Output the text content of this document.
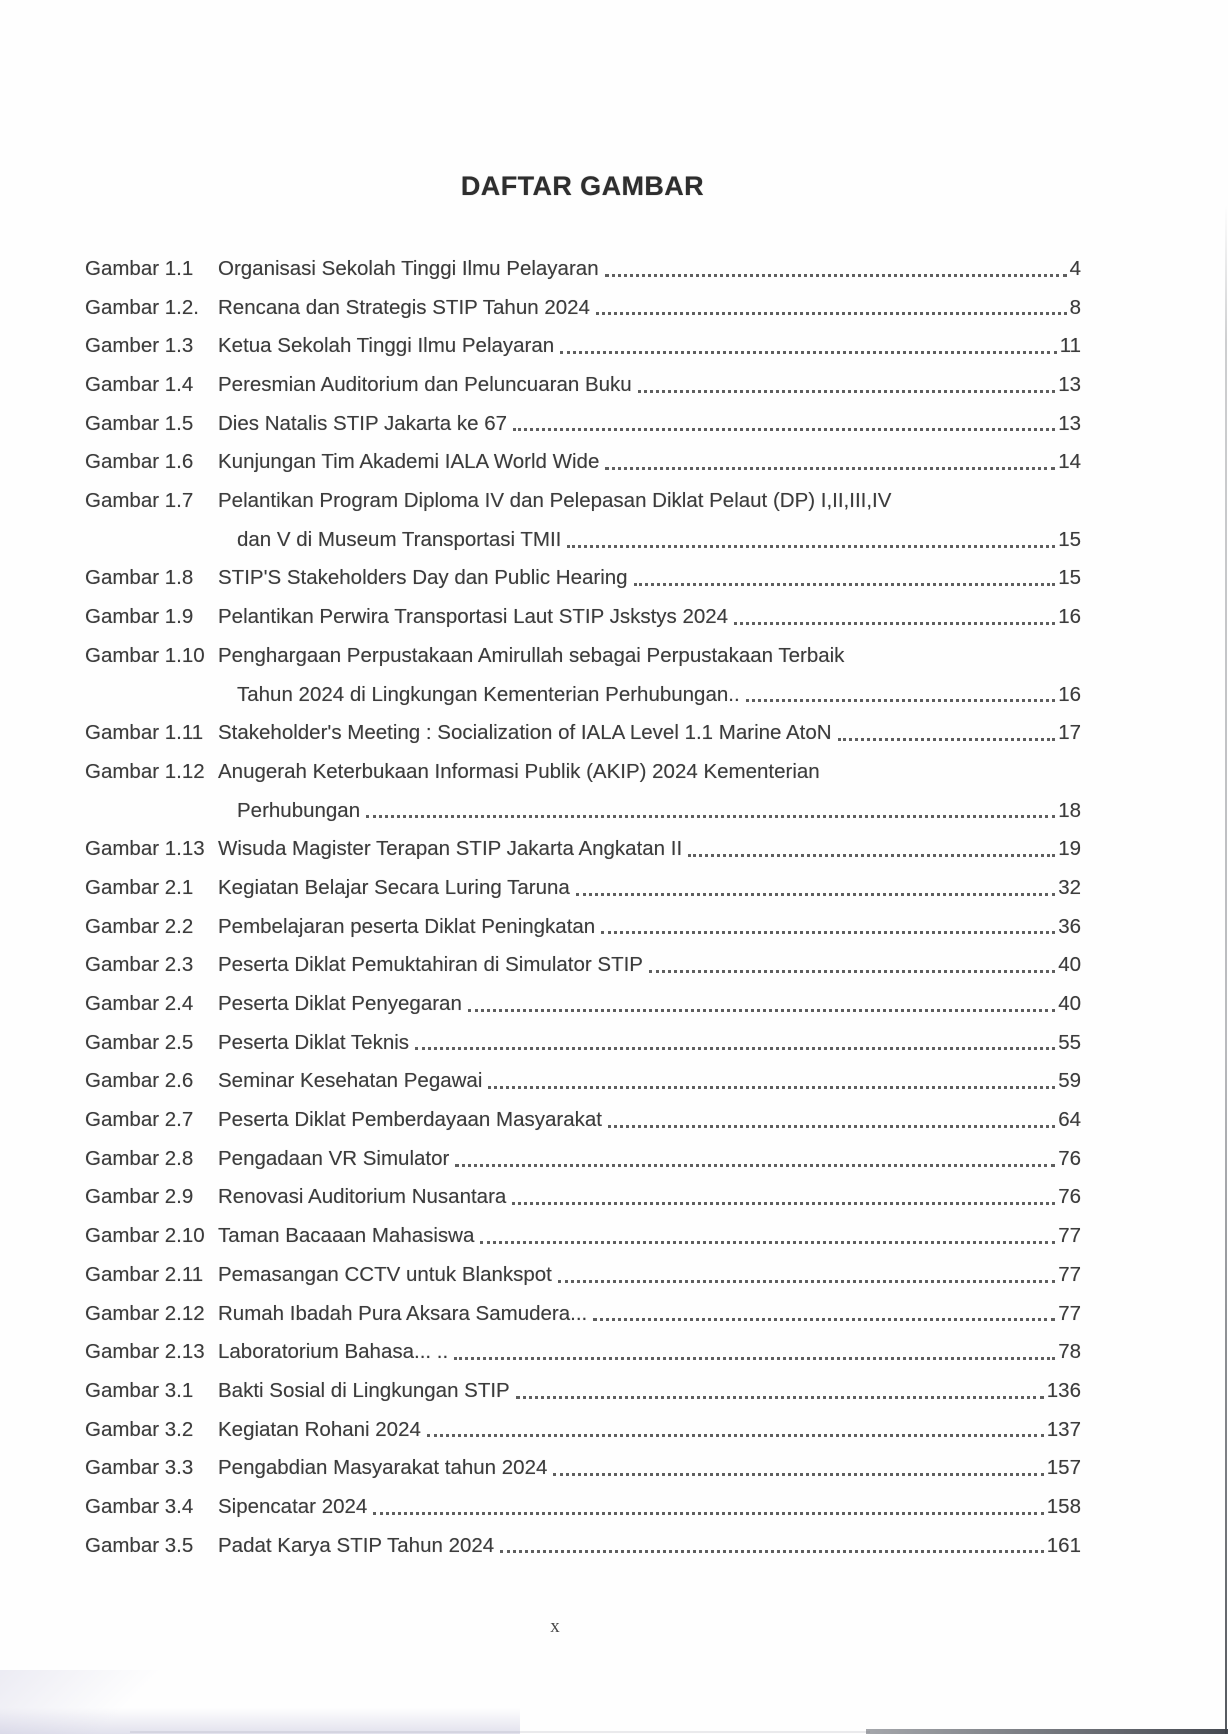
DAFTAR GAMBAR
Gambar 1.1	Organisasi Sekolah Tinggi Ilmu Pelayaran	4
Gambar 1.2. Rencana dan Strategis STIP Tahun 2024	8
Gamber 1.3	Ketua Sekolah Tinggi Ilmu Pelayaran	11
Gambar 1.4	Peresmian Auditorium dan Peluncuaran Buku	13
Gambar 1.5	Dies Natalis STIP Jakarta ke 67	13
Gambar 1.6	Kunjungan Tim Akademi IALA World Wide	14
Gambar 1.7	Pelantikan Program Diploma IV dan Pelepasan Diklat Pelaut (DP) I,II,III,IV
dan V di Museum Transportasi TMII	15
Gambar 1.8	STIP'S Stakeholders Day dan Public Hearing	15
Gambar 1.9	Pelantikan Perwira Transportasi Laut STIP Jskstys 2024	16
Gambar 1.10 Penghargaan Perpustakaan Amirullah sebagai Perpustakaan Terbaik
Tahun 2024 di Lingkungan Kementerian Perhubungan..	16
Gambar 1.11 Stakeholder's Meeting : Socialization of IALA Level 1.1 Marine AtoN	17
Gambar 1.12 Anugerah Keterbukaan Informasi Publik (AKIP) 2024 Kementerian
Perhubungan	18
Gambar 1.13 Wisuda Magister Terapan STIP Jakarta Angkatan II	19
Gambar 2.1	Kegiatan Belajar Secara Luring Taruna	32
Gambar 2.2	Pembelajaran peserta Diklat Peningkatan	36
Gambar 2.3	Peserta Diklat Pemuktahiran di Simulator STIP	40
Gambar 2.4	Peserta Diklat Penyegaran	40
Gambar 2.5	Peserta Diklat Teknis	55
Gambar 2.6	Seminar Kesehatan Pegawai	59
Gambar 2.7	Peserta Diklat Pemberdayaan Masyarakat	64
Gambar 2.8	Pengadaan VR Simulator	76
Gambar 2.9	Renovasi Auditorium Nusantara	76
Gambar 2.10 Taman Bacaaan Mahasiswa	77
Gambar 2.11 Pemasangan CCTV untuk Blankspot	77
Gambar 2.12 Rumah Ibadah Pura Aksara Samudera...	77
Gambar 2.13 Laboratorium Bahasa... ..	78
Gambar 3.1	Bakti Sosial di Lingkungan STIP	136
Gambar 3.2	Kegiatan Rohani 2024	137
Gambar 3.3	Pengabdian Masyarakat tahun 2024	157
Gambar 3.4	Sipencatar 2024	158
Gambar 3.5	Padat Karya STIP Tahun 2024	161
x
